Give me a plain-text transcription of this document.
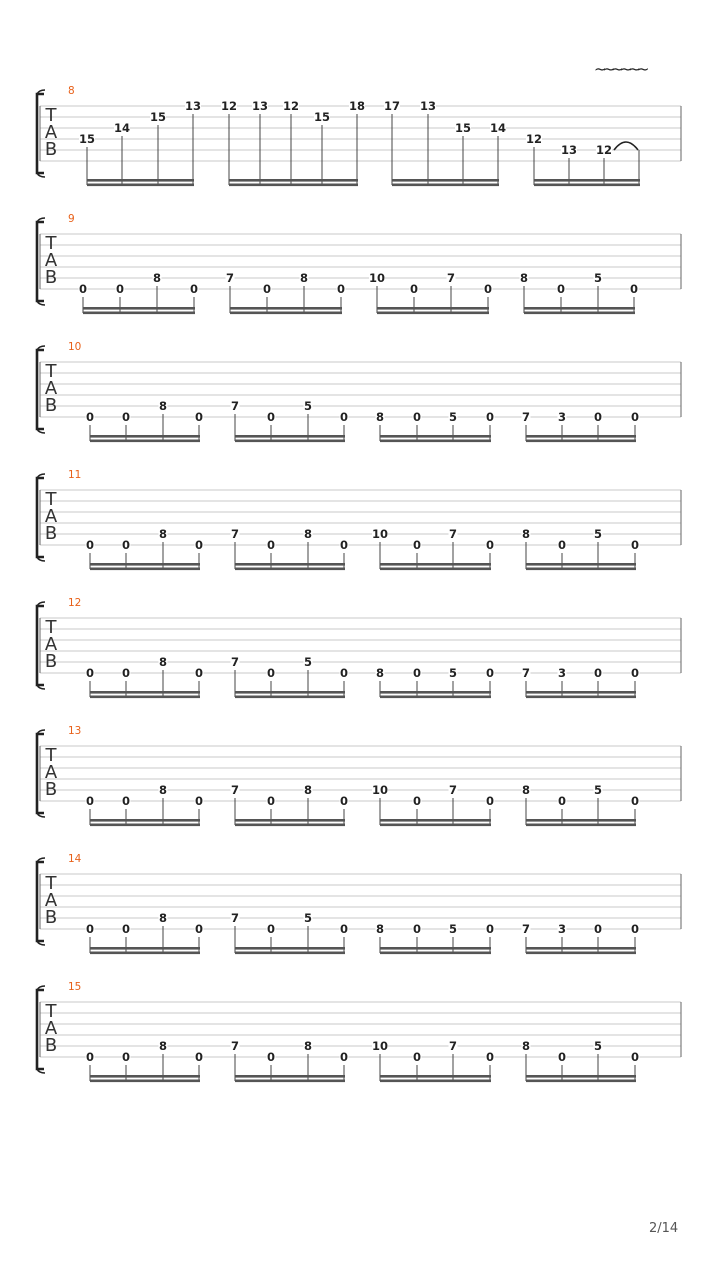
8
T
A
B 15
14
15
13 12 13 12
15
18 17 13
15 14
12
13 12
9
T
A
B
0	0
8
0
7
0
8
0
10
0
7
0
8
0
5
0
10
T
A
B
0 0
8
0
7
0
5
0 8	0 5	0 7 3 0	0
11
T
A
B
0 0
8
0
7
0
8
0
10
0
7
0
8
0
5
0
12
T
A
B
0 0
8
0
7
0
5
0 8	0 5	0 7 3 0	0
13
T
A
B
0 0
8
0
7
0
8
0
10
0
7
0
8
0
5
0
14
T
A
B
0 0
8
0
7
0
5
0 8	0 5	0 7 3 0	0
15
T
A
B
0 0
8
0
7
0
8
0
10
0
7
0
8
0
5
0
~~~~~~
2/14
